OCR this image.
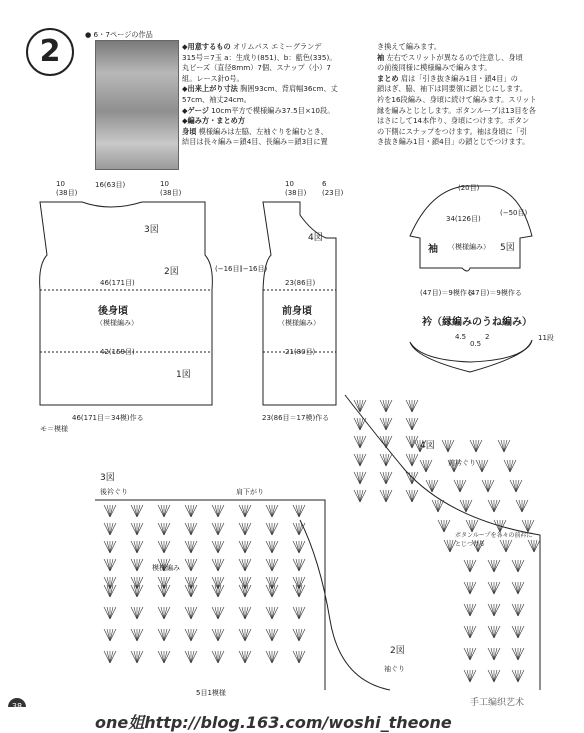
2	● 6・7ページの作品
◆用意するもの オリムパス エミーグランデ
315号＝7玉 a：生成り(851)、b：藍色(335)。
丸ビーズ（直径8mm）7個、スナップ（小）7
組。レース針0号。
◆出来上がり寸法 胸囲93cm、背肩幅36cm、丈
57cm、袖丈24cm。
◆ゲージ 10cm平方で模様編み37.5目×10段。
◆編み方・まとめ方
身頃 模様編みは左脇、左袖ぐりを編むとき、
結目は長々編み＝鎖4目、長編み＝鎖3目に置
き換えて編みます。
袖 左右でスリットが異なるので注意し、身頃
の前後同様に模様編みで編みます。
まとめ 肩は「引き抜き編み1目・鎖4目」の
鎖はぎ、脇、袖下は同要領に鎖とじにします。
衿を16段編み、身頃に続けて編みます。スリット
縁を編みとじとします。ボタンループは13目を各
はさにして14本作り、身頃につけます。ボタン
の下側にスナップをつけます。袖は身頃に「引
き抜き編み1目・鎖4目」の鎖とじでつけます。
10
(38目)
16(63目)	10
(38目)
3図
2図
46(171目)
後身頃
（模様編み）
42(159目)
1図
46(171目＝34模)作る
(−16目)
モ＝模様
10
(38目)
6
(23目)
4図
(−16目)
23(86目)
前身頃
（模様編み）
21(80目)
23(86目＝17模)作る
(20目)
34(126目)
袖 （模様編み） 5図
(−50目)
(47目)＝9模作る
(47目)＝9模作る
衿（縁編みのうね編み）
11段
4.5
0.5
2
3図
後衿ぐり	肩下がり
4図
前衿ぐり
模様編み
2図
袖ぐり
5目1模様
ボタンループを各々の前衿に
とじつける
one姐http://blog.163.com/woshi_theone
手工编织艺术
